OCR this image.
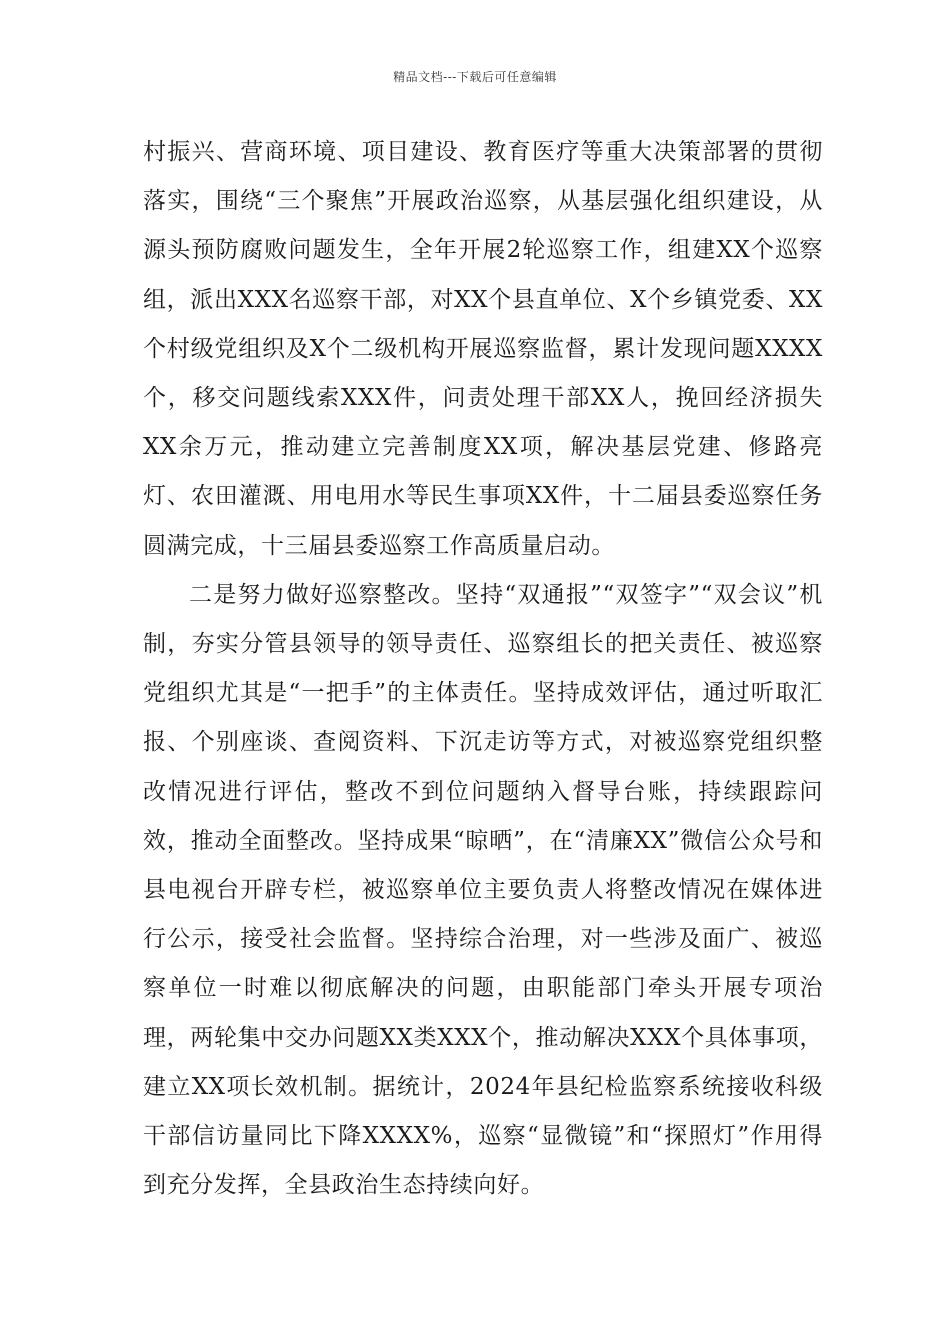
精品文档---下载后可任意编辑

村振兴、营商环境、项目建设、教育医疗等重大决策部署的贯彻落实，围绕“三个聚焦”开展政治巡察，从基层强化组织建设，从源头预防腐败问题发生，全年开展2轮巡察工作，组建XX个巡察组，派出XXX名巡察干部，对XX个县直单位、X个乡镇党委、XX个村级党组织及X个二级机构开展巡察监督，累计发现问题XXXX个，移交问题线索XXX件，问责处理干部XX人，挽回经济损失XX余万元，推动建立完善制度XX项，解决基层党建、修路亮灯、农田灌溉、用电用水等民生事项XX件，十二届县委巡察任务圆满完成，十三届县委巡察工作高质量启动。

二是努力做好巡察整改。坚持“双通报”“双签字”“双会议”机制，夯实分管县领导的领导责任、巡察组长的把关责任、被巡察党组织尤其是“一把手”的主体责任。坚持成效评估，通过听取汇报、个别座谈、查阅资料、下沉走访等方式，对被巡察党组织整改情况进行评估，整改不到位问题纳入督导台账，持续跟踪问效，推动全面整改。坚持成果“晾晒”，在“清廉XX”微信公众号和县电视台开辟专栏，被巡察单位主要负责人将整改情况在媒体进行公示，接受社会监督。坚持综合治理，对一些涉及面广、被巡察单位一时难以彻底解决的问题，由职能部门牵头开展专项治理，两轮集中交办问题XX类XXX个，推动解决XXX个具体事项，建立XX项长效机制。据统计，2024年县纪检监察系统接收科级干部信访量同比下降XXXX%，巡察“显微镜”和“探照灯”作用得到充分发挥，全县政治生态持续向好。
